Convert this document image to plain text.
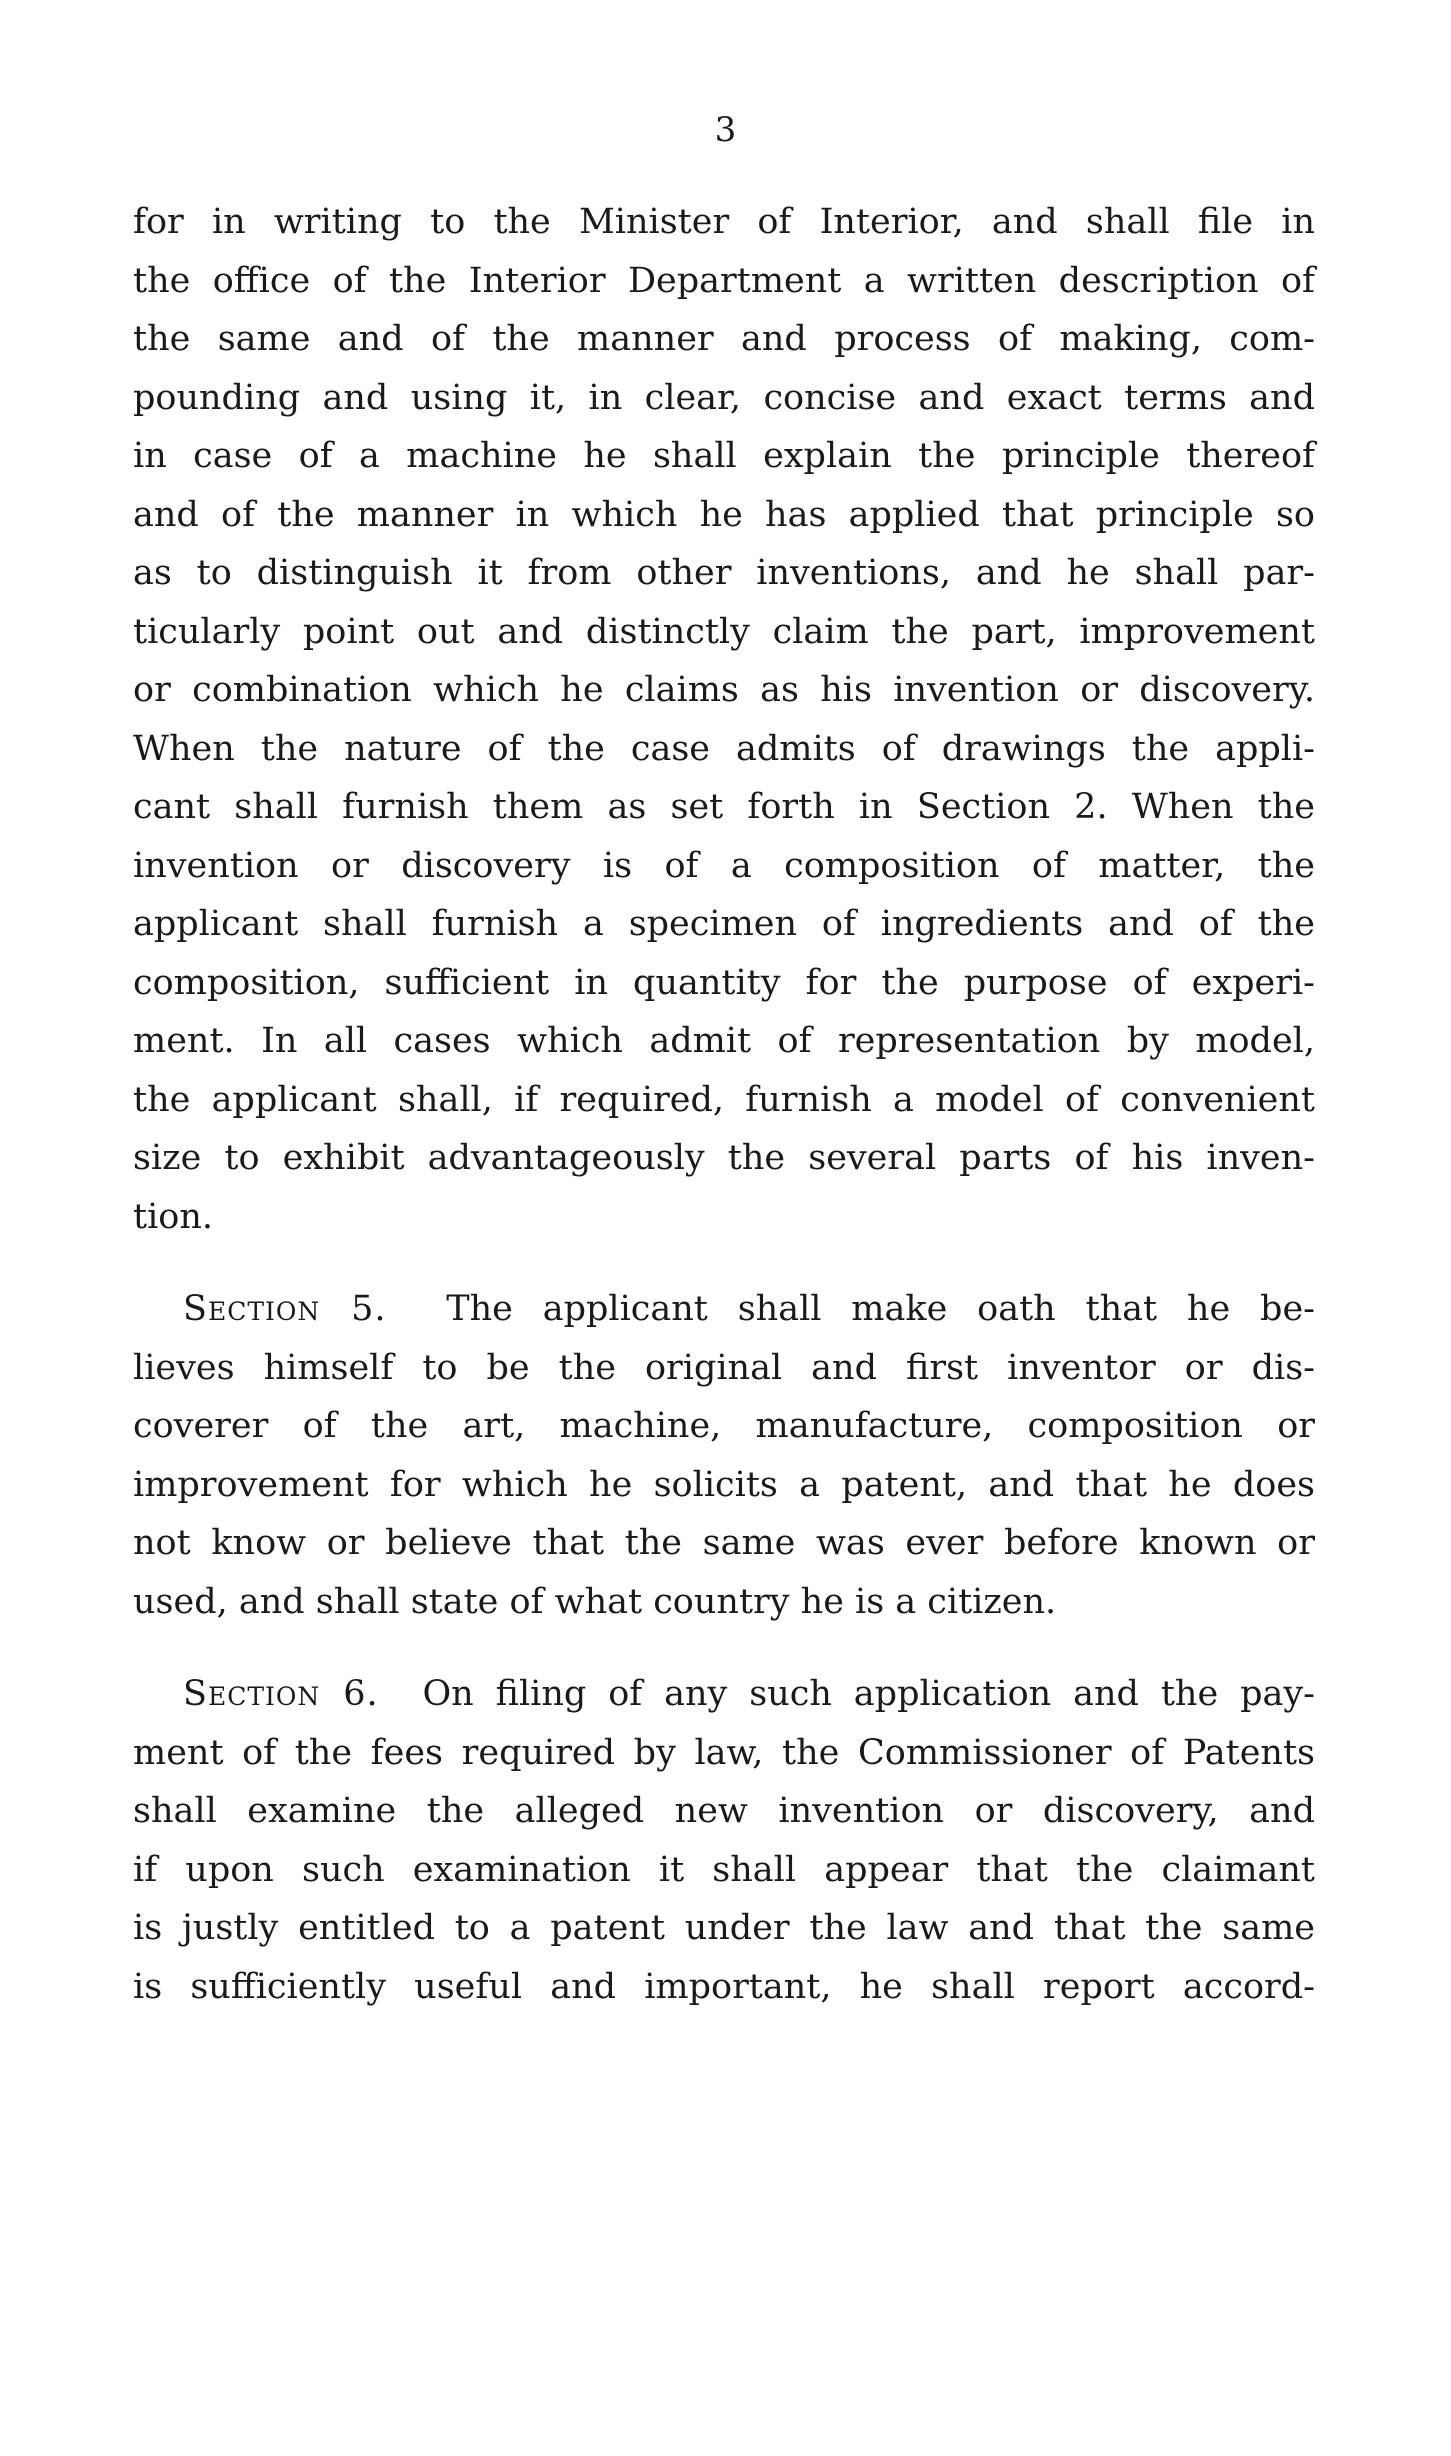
3
for in writing to the Minister of Interior, and shall file in
the office of the Interior Department a written description of
the same and of the manner and process of making, com-
pounding and using it, in clear, concise and exact terms and
in case of a machine he shall explain the principle thereof
and of the manner in which he has applied that principle so
as to distinguish it from other inventions, and he shall par-
ticularly point out and distinctly claim the part, improvement
or combination which he claims as his invention or discovery.
When the nature of the case admits of drawings the appli-
cant shall furnish them as set forth in Section 2. When the
invention or discovery is of a composition of matter, the
applicant shall furnish a specimen of ingredients and of the
composition, sufficient in quantity for the purpose of experi-
ment. In all cases which admit of representation by model,
the applicant shall, if required, furnish a model of convenient
size to exhibit advantageously the several parts of his inven-
tion.
Section 5. The applicant shall make oath that he be-
lieves himself to be the original and first inventor or dis-
coverer of the art, machine, manufacture, composition or
improvement for which he solicits a patent, and that he does
not know or believe that the same was ever before known or
used, and shall state of what country he is a citizen.
Section 6. On filing of any such application and the pay-
ment of the fees required by law, the Commissioner of Patents
shall examine the alleged new invention or discovery, and
if upon such examination it shall appear that the claimant
is justly entitled to a patent under the law and that the same
is sufficiently useful and important, he shall report accord-
